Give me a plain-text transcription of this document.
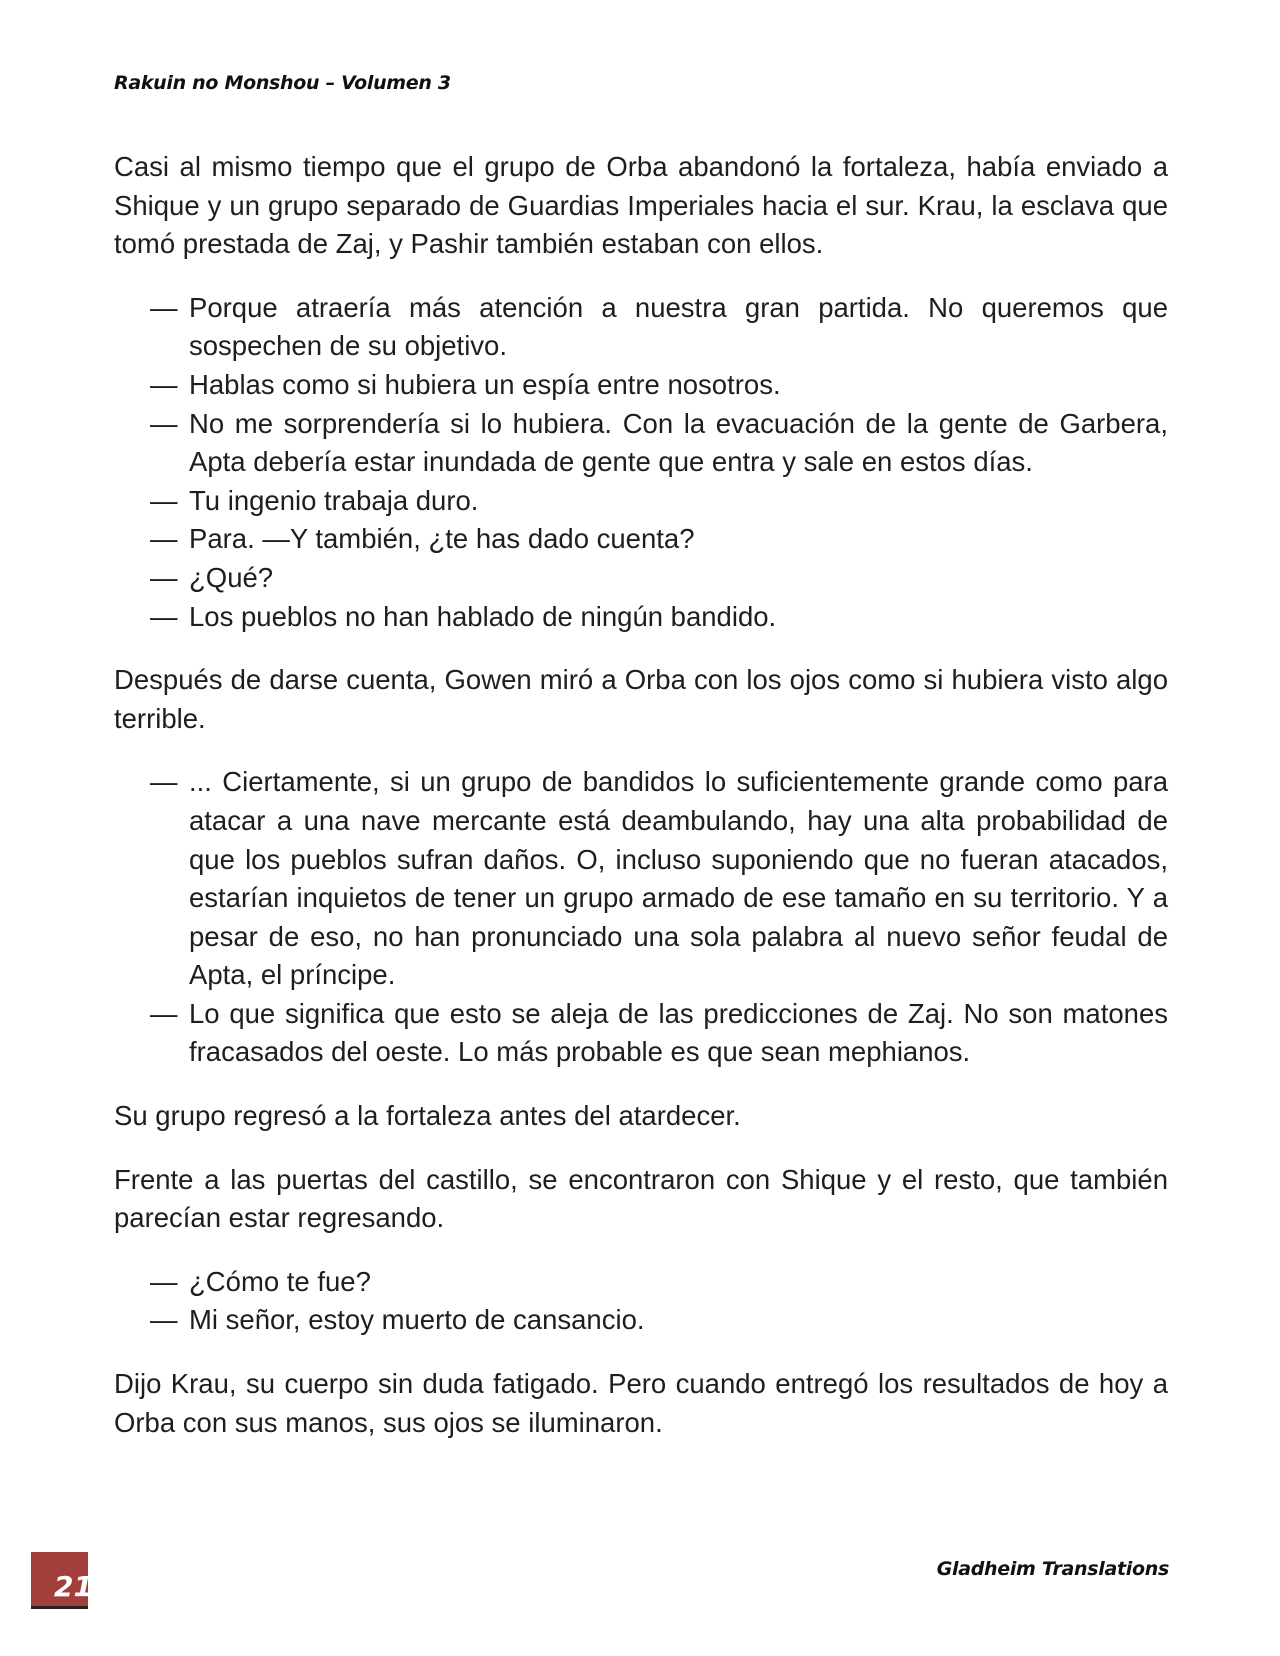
Rakuin no Monshou – Volumen 3

Casi al mismo tiempo que el grupo de Orba abandonó la fortaleza, había enviado a Shique y un grupo separado de Guardias Imperiales hacia el sur. Krau, la esclava que tomó prestada de Zaj, y Pashir también estaban con ellos.

— Porque atraería más atención a nuestra gran partida. No queremos que sospechen de su objetivo.
— Hablas como si hubiera un espía entre nosotros.
— No me sorprendería si lo hubiera. Con la evacuación de la gente de Garbera, Apta debería estar inundada de gente que entra y sale en estos días.
— Tu ingenio trabaja duro.
— Para. —Y también, ¿te has dado cuenta?
— ¿Qué?
— Los pueblos no han hablado de ningún bandido.

Después de darse cuenta, Gowen miró a Orba con los ojos como si hubiera visto algo terrible.

— ... Ciertamente, si un grupo de bandidos lo suficientemente grande como para atacar a una nave mercante está deambulando, hay una alta probabilidad de que los pueblos sufran daños. O, incluso suponiendo que no fueran atacados, estarían inquietos de tener un grupo armado de ese tamaño en su territorio. Y a pesar de eso, no han pronunciado una sola palabra al nuevo señor feudal de Apta, el príncipe.
— Lo que significa que esto se aleja de las predicciones de Zaj. No son matones fracasados del oeste. Lo más probable es que sean mephianos.

Su grupo regresó a la fortaleza antes del atardecer.

Frente a las puertas del castillo, se encontraron con Shique y el resto, que también parecían estar regresando.

— ¿Cómo te fue?
— Mi señor, estoy muerto de cansancio.

Dijo Krau, su cuerpo sin duda fatigado. Pero cuando entregó los resultados de hoy a Orba con sus manos, sus ojos se iluminaron.

21
Gladheim Translations
